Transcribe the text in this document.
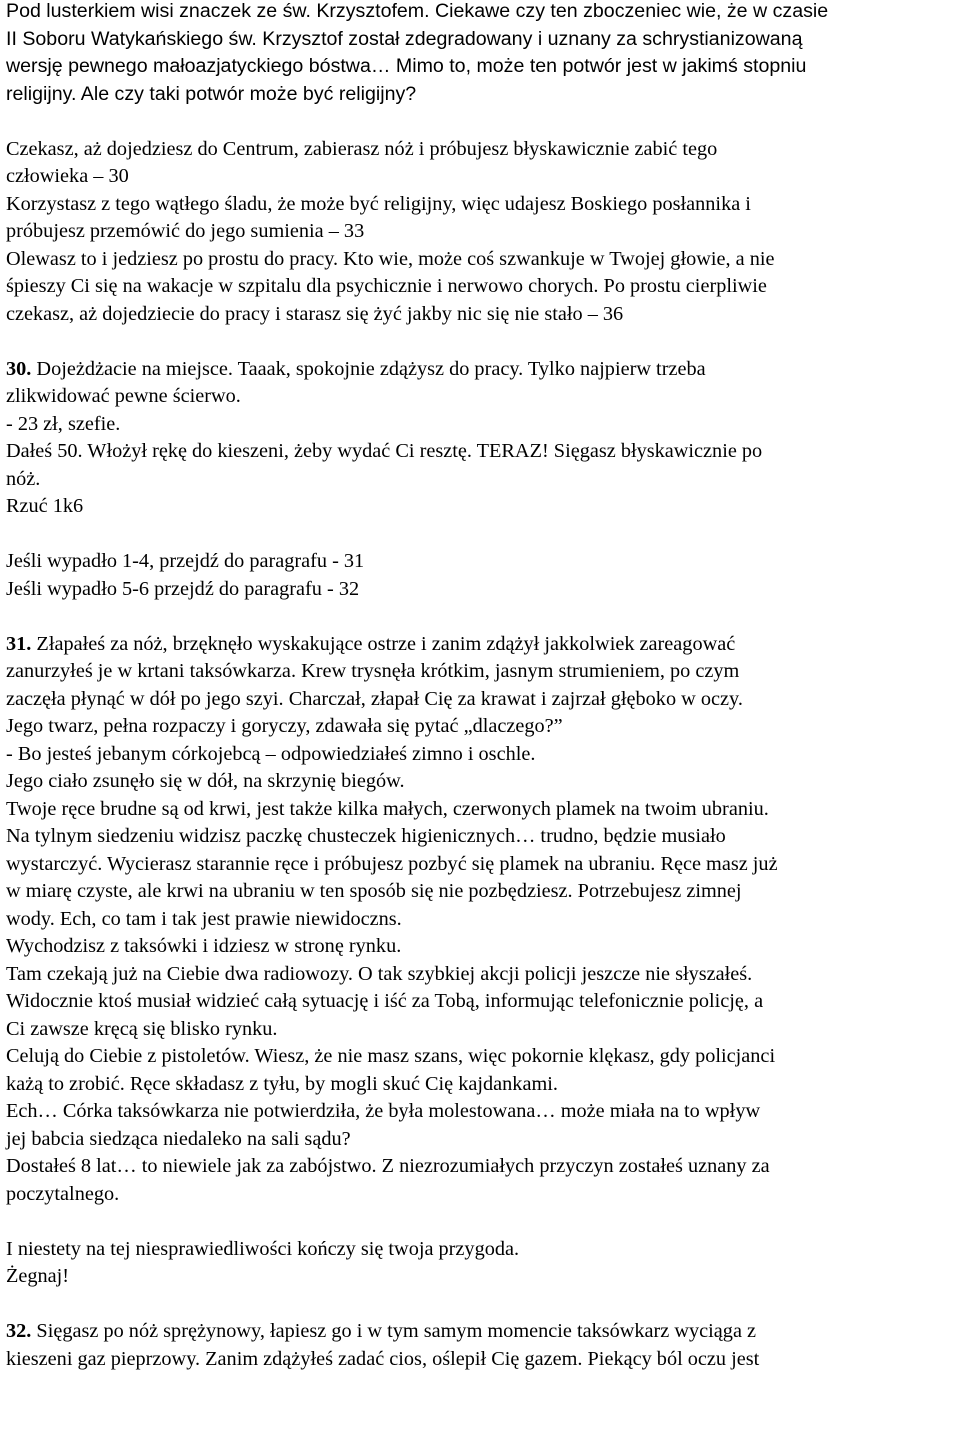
Pod lusterkiem wisi znaczek ze św. Krzysztofem. Ciekawe czy ten zboczeniec wie, że w czasie
II Soboru Watykańskiego św. Krzysztof został zdegradowany i uznany za schrystianizowaną
wersję pewnego małoazjatyckiego bóstwa… Mimo to, może ten potwór jest w jakimś stopniu
religijny. Ale czy taki potwór może być religijny?
Czekasz, aż dojedziesz do Centrum, zabierasz nóż i próbujesz błyskawicznie zabić tego
człowieka – 30
Korzystasz z tego wątłego śladu, że może być religijny, więc udajesz Boskiego posłannika i
próbujesz przemówić do jego sumienia – 33
Olewasz to i jedziesz po prostu do pracy. Kto wie, może coś szwankuje w Twojej głowie, a nie
śpieszy Ci się na wakacje w szpitalu dla psychicznie i nerwowo chorych. Po prostu cierpliwie
czekasz, aż dojedziecie do pracy i starasz się żyć jakby nic się nie stało – 36
30. Dojeżdżacie na miejsce. Taaak, spokojnie zdążysz do pracy. Tylko najpierw trzeba
zlikwidować pewne ścierwo.
- 23 zł, szefie.
Dałeś 50. Włożył rękę do kieszeni, żeby wydać Ci resztę. TERAZ! Sięgasz błyskawicznie po
nóż.
Rzuć 1k6
Jeśli wypadło 1-4, przejdź do paragrafu - 31
Jeśli wypadło 5-6 przejdź do paragrafu - 32
31. Złapałeś za nóż, brzęknęło wyskakujące ostrze i zanim zdążył jakkolwiek zareagować
zanurzyłeś je w krtani taksówkarza. Krew trysnęła krótkim, jasnym strumieniem, po czym
zaczęła płynąć w dół po jego szyi. Charczał, złapał Cię za krawat i zajrzał głęboko w oczy.
Jego twarz, pełna rozpaczy i goryczy, zdawała się pytać „dlaczego?”
- Bo jesteś jebanym córkojebcą – odpowiedziałeś zimno i oschle.
Jego ciało zsunęło się w dół, na skrzynię biegów.
Twoje ręce brudne są od krwi, jest także kilka małych, czerwonych plamek na twoim ubraniu.
Na tylnym siedzeniu widzisz paczkę chusteczek higienicznych… trudno, będzie musiało
wystarczyć. Wycierasz starannie ręce i próbujesz pozbyć się plamek na ubraniu. Ręce masz już
w miarę czyste, ale krwi na ubraniu w ten sposób się nie pozbędziesz. Potrzebujesz zimnej
wody. Ech, co tam i tak jest prawie niewidoczns.
Wychodzisz z taksówki i idziesz w stronę rynku.
Tam czekają już na Ciebie dwa radiowozy. O tak szybkiej akcji policji jeszcze nie słyszałeś.
Widocznie ktoś musiał widzieć całą sytuację i iść za Tobą, informując telefonicznie policję, a
Ci zawsze kręcą się blisko rynku.
Celują do Ciebie z pistoletów. Wiesz, że nie masz szans, więc pokornie klękasz, gdy policjanci
każą to zrobić. Ręce składasz z tyłu, by mogli skuć Cię kajdankami.
Ech… Córka taksówkarza nie potwierdziła, że była molestowana… może miała na to wpływ
jej babcia siedząca niedaleko na sali sądu?
Dostałeś 8 lat… to niewiele jak za zabójstwo. Z niezrozumiałych przyczyn zostałeś uznany za
poczytalnego.
I niestety na tej niesprawiedliwości kończy się twoja przygoda.
Żegnaj!
32. Sięgasz po nóż sprężynowy, łapiesz go i w tym samym momencie taksówkarz wyciąga z
kieszeni gaz pieprzowy. Zanim zdążyłeś zadać cios, oślepił Cię gazem. Piekący ból oczu jest
